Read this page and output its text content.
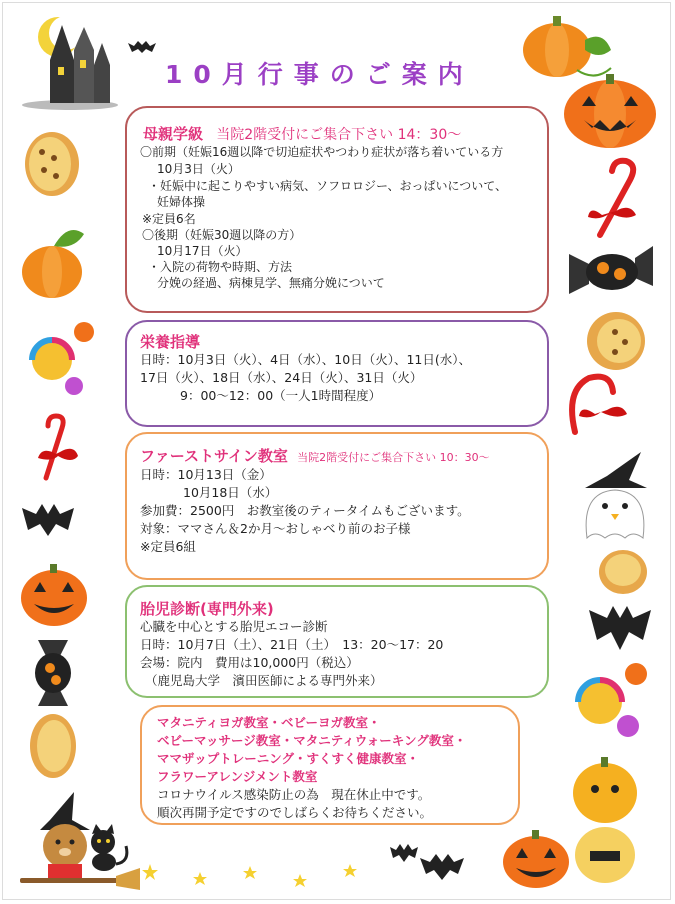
10月行事のご案内
母親学級 当院2階受付にご集合下さい 14：30～
〇前期（妊娠16週以降で切迫症状やつわり症状が落ち着いている方
10月3日（火）
・妊娠中に起こりやすい病気、ソフロロジー、おっぱいについて、
妊婦体操
※定員6名
〇後期（妊娠30週以降の方）
10月17日（火）
・入院の荷物や時期、方法
分娩の経過、病棟見学、無痛分娩について
栄養指導
日時：10月3日（火）、4日（水）、10日（火）、11日(水）、
17日（火）、18日（水）、24日（火）、31日（火）
9：00～12：00（一人1時間程度）
ファーストサイン教室 当院2階受付にご集合下さい 10：30～
日時：10月13日（金）
10月18日（水）
参加費：2500円　お教室後のティータイムもございます。
対象：ママさん＆2か月～おしゃべり前のお子様
※定員6組
胎児診断(専門外来)
心臓を中心とする胎児エコー診断
日時：10月7日（土）、21日（土）　13：20～17：20
会場：院内　費用は10,000円（税込）
（鹿児島大学　濱田医師による専門外来）
マタニティヨガ教室・ベビーヨガ教室・
ベビーマッサージ教室・マタニティウォーキング教室・
ママザップトレーニング・すくすく健康教室・
フラワーアレンジメント教室
コロナウイルス感染防止の為　現在休止中です。
順次再開予定ですのでしばらくお待ちください。
